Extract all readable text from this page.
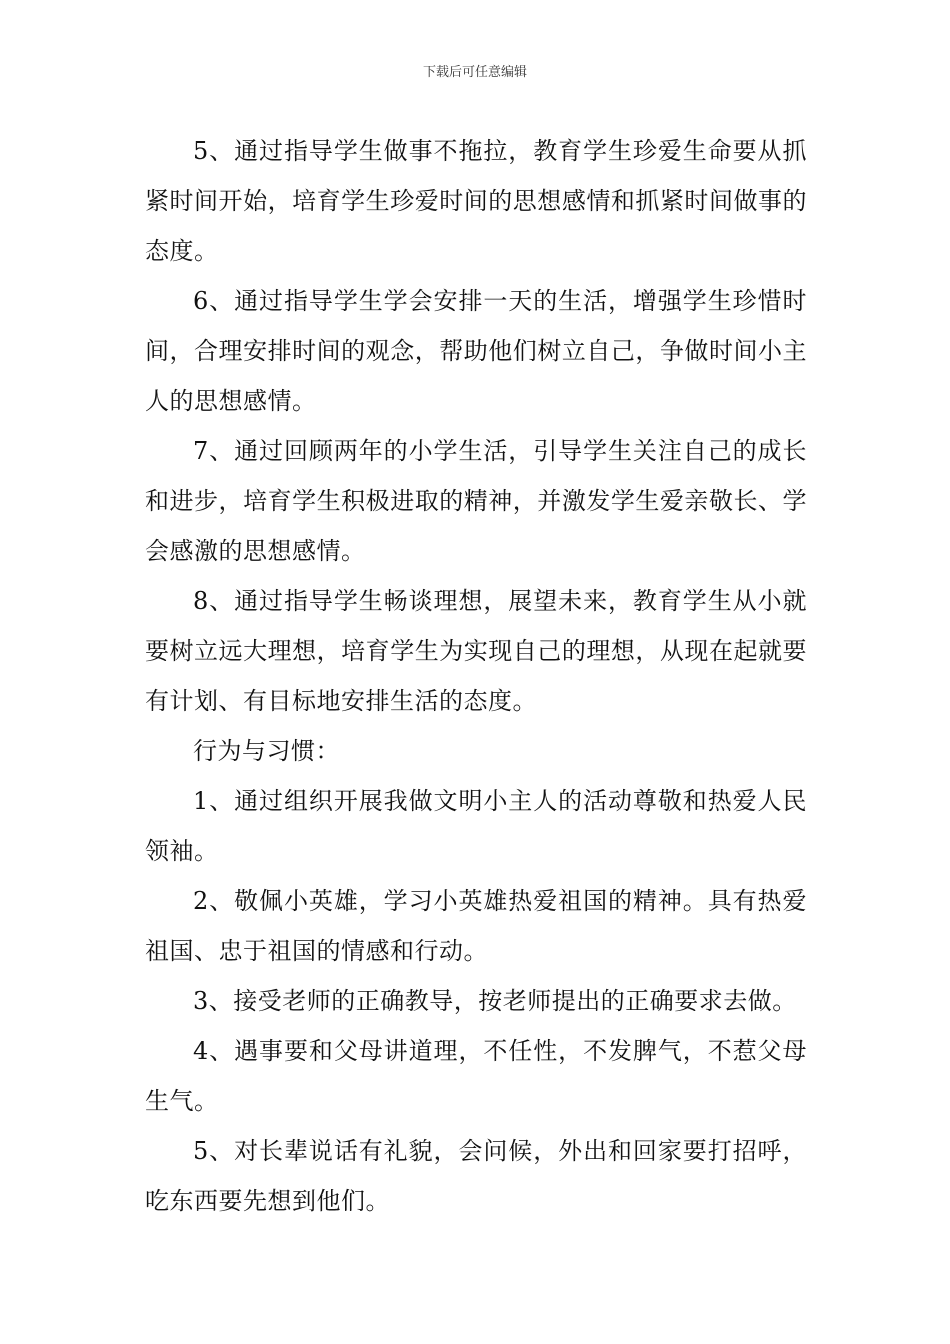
下载后可任意编辑

5、通过指导学生做事不拖拉，教育学生珍爱生命要从抓紧时间开始，培育学生珍爱时间的思想感情和抓紧时间做事的态度。

6、通过指导学生学会安排一天的生活，增强学生珍惜时间，合理安排时间的观念，帮助他们树立自己，争做时间小主人的思想感情。

7、通过回顾两年的小学生活，引导学生关注自己的成长和进步，培育学生积极进取的精神，并激发学生爱亲敬长、学会感激的思想感情。

8、通过指导学生畅谈理想，展望未来，教育学生从小就要树立远大理想，培育学生为实现自己的理想，从现在起就要有计划、有目标地安排生活的态度。

行为与习惯：

1、通过组织开展我做文明小主人的活动尊敬和热爱人民领袖。

2、敬佩小英雄，学习小英雄热爱祖国的精神。具有热爱祖国、忠于祖国的情感和行动。

3、接受老师的正确教导，按老师提出的正确要求去做。

4、遇事要和父母讲道理，不任性，不发脾气，不惹父母生气。

5、对长辈说话有礼貌，会问候，外出和回家要打招呼，吃东西要先想到他们。
